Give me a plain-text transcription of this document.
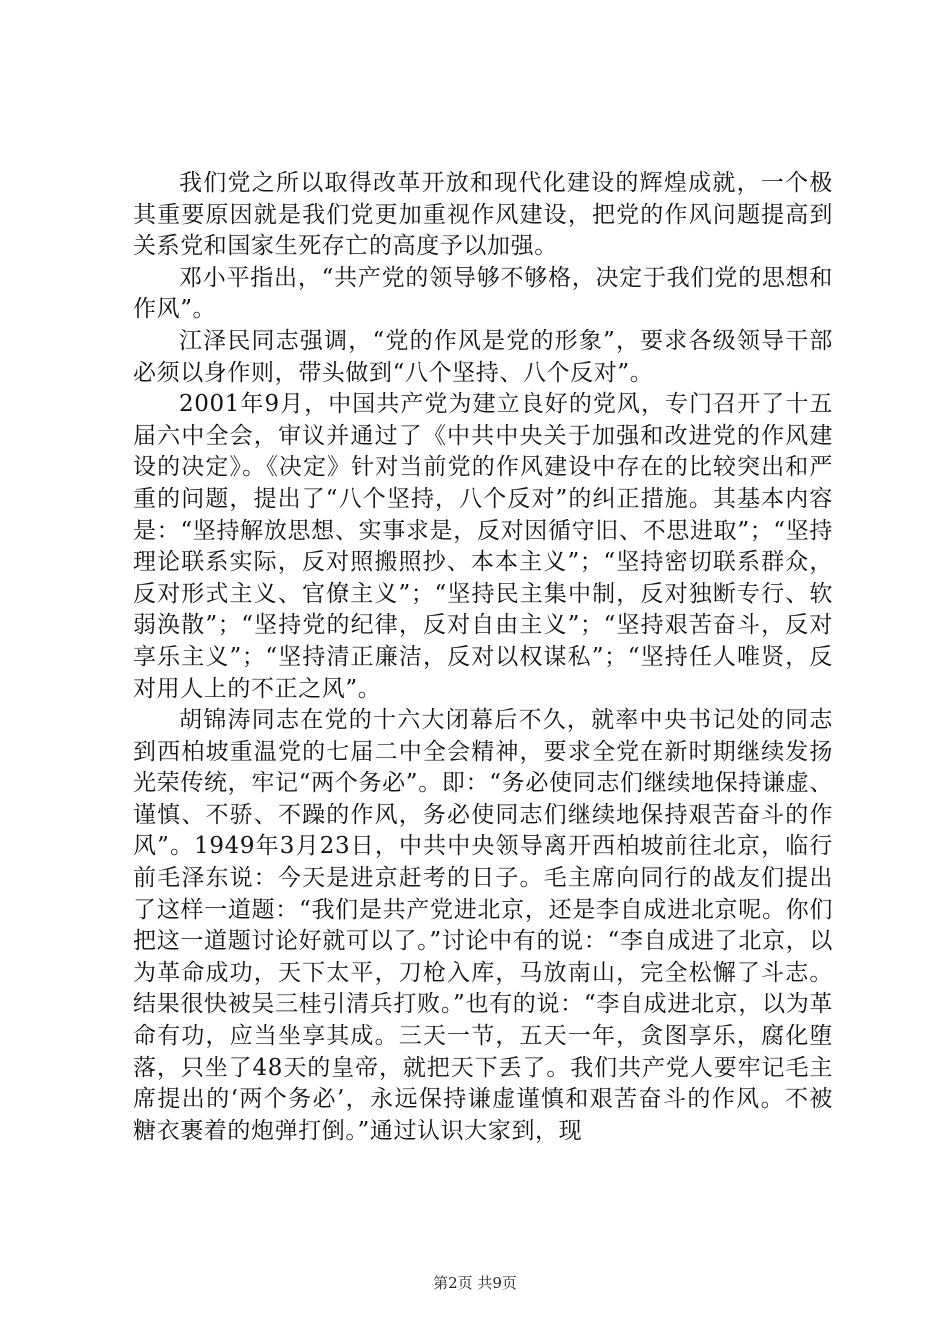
我们党之所以取得改革开放和现代化建设的辉煌成就，一个极其重要原因就是我们党更加重视作风建设，把党的作风问题提高到关系党和国家生死存亡的高度予以加强。

邓小平指出，“共产党的领导够不够格，决定于我们党的思想和作风”。

江泽民同志强调，“党的作风是党的形象”，要求各级领导干部必须以身作则，带头做到“八个坚持、八个反对”。

2001年9月，中国共产党为建立良好的党风，专门召开了十五届六中全会，审议并通过了《中共中央关于加强和改进党的作风建设的决定》。《决定》针对当前党的作风建设中存在的比较突出和严重的问题，提出了“八个坚持，八个反对”的纠正措施。其基本内容是：“坚持解放思想、实事求是，反对因循守旧、不思进取”；“坚持理论联系实际，反对照搬照抄、本本主义”；“坚持密切联系群众，反对形式主义、官僚主义”；“坚持民主集中制，反对独断专行、软弱涣散”；“坚持党的纪律，反对自由主义”；“坚持艰苦奋斗，反对享乐主义”；“坚持清正廉洁，反对以权谋私”；“坚持任人唯贤，反对用人上的不正之风”。

胡锦涛同志在党的十六大闭幕后不久，就率中央书记处的同志到西柏坡重温党的七届二中全会精神，要求全党在新时期继续发扬光荣传统，牢记“两个务必”。即：“务必使同志们继续地保持谦虚、谨慎、不骄、不躁的作风，务必使同志们继续地保持艰苦奋斗的作风”。1949年3月23日，中共中央领导离开西柏坡前往北京，临行前毛泽东说：今天是进京赶考的日子。毛主席向同行的战友们提出了这样一道题：“我们是共产党进北京，还是李自成进北京呢。你们把这一道题讨论好就可以了。”讨论中有的说：“李自成进了北京，以为革命成功，天下太平，刀枪入库，马放南山，完全松懈了斗志。结果很快被吴三桂引清兵打败。”也有的说：“李自成进北京，以为革命有功，应当坐享其成。三天一节，五天一年，贪图享乐，腐化堕落，只坐了48天的皇帝，就把天下丢了。我们共产党人要牢记毛主席提出的‘两个务必’，永远保持谦虚谨慎和艰苦奋斗的作风。不被糖衣裹着的炮弹打倒。”通过认识大家到，现

第2页 共9页
